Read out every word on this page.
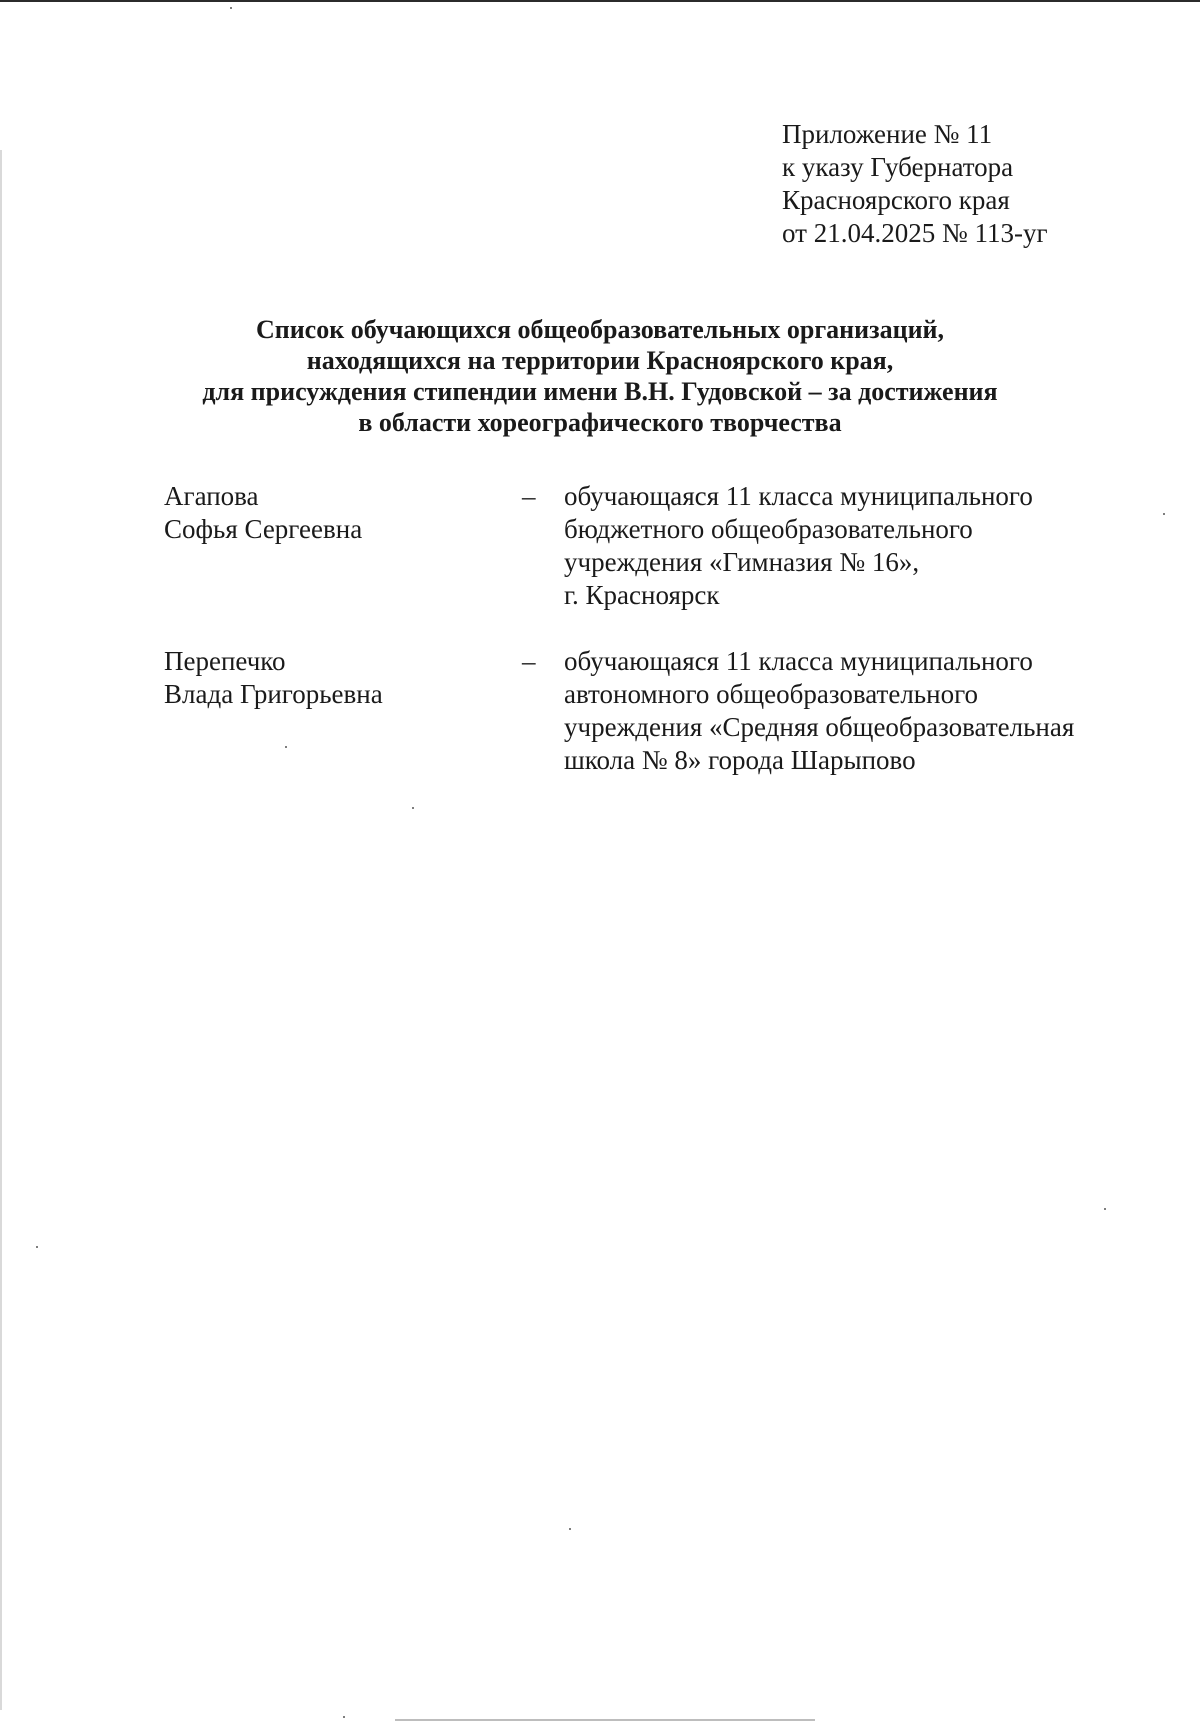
Приложение № 11
к указу Губернатора
Красноярского края
от 21.04.2025 № 113-уг
Список обучающихся общеобразовательных организаций,
находящихся на территории Красноярского края,
для присуждения стипендии имени В.Н. Гудовской – за достижения
в области хореографического творчества
Агапова
Софья Сергеевна
– обучающаяся 11 класса муниципального
бюджетного общеобразовательного
учреждения «Гимназия № 16»,
г. Красноярск
Перепечко
Влада Григорьевна
– обучающаяся 11 класса муниципального
автономного общеобразовательного
учреждения «Средняя общеобразовательная
школа № 8» города Шарыпово
